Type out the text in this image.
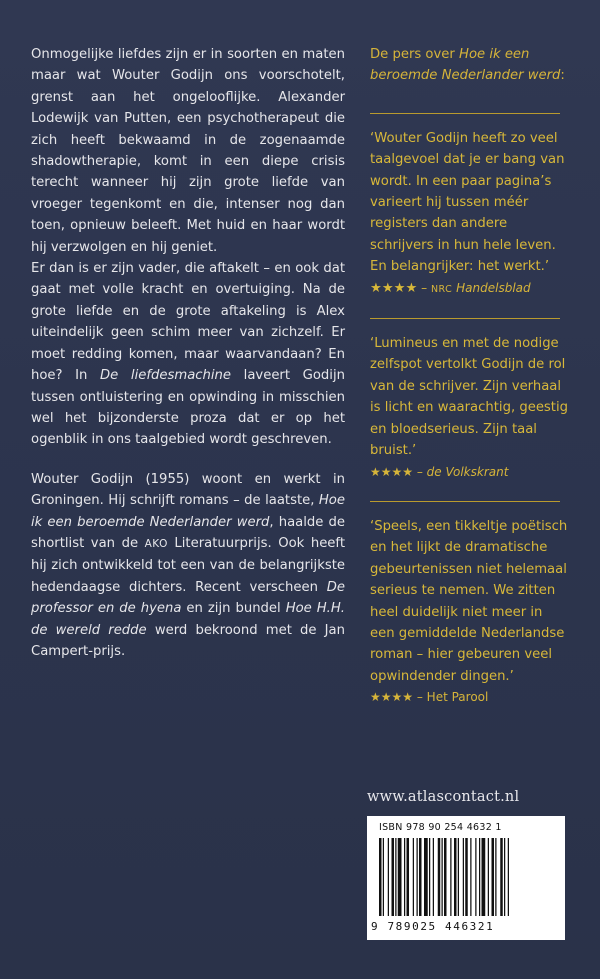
Onmogelijke liefdes zijn er in soorten en maten maar wat Wouter Godijn ons voorschotelt, grenst aan het ongelooflijke. Alexander Lodewijk van Putten, een psychotherapeut die zich heeft bekwaamd in de zogenaamde shadowtherapie, komt in een diepe crisis terecht wanneer hij zijn grote liefde van vroeger tegenkomt en die, intenser nog dan toen, opnieuw beleeft. Met huid en haar wordt hij verzwolgen en hij geniet.

Er dan is er zijn vader, die aftakelt – en ook dat gaat met volle kracht en overtuiging. Na de grote liefde en de grote aftakeling is Alex uiteindelijk geen schim meer van zichzelf. Er moet redding komen, maar waarvandaan? En hoe? In De liefdesmachine laveert Godijn tussen ontluistering en opwinding in misschien wel het bijzonderste proza dat er op het ogenblik in ons taalgebied wordt geschreven.

Wouter Godijn (1955) woont en werkt in Groningen. Hij schrijft romans – de laatste, Hoe ik een beroemde Nederlander werd, haalde de shortlist van de AKO Literatuurprijs. Ook heeft hij zich ontwikkeld tot een van de belangrijkste hedendaagse dichters. Recent verscheen De professor en de hyena en zijn bundel Hoe H.H. de wereld redde werd bekroond met de Jan Campert-prijs.

De pers over Hoe ik een beroemde Nederlander werd:

‘Wouter Godijn heeft zo veel taalgevoel dat je er bang van wordt. In een paar pagina’s varieert hij tussen méér registers dan andere schrijvers in hun hele leven. En belangrijker: het werkt.’ ★★★★ – NRC Handelsblad

‘Lumineus en met de nodige zelfspot vertolkt Godijn de rol van de schrijver. Zijn verhaal is licht en waarachtig, geestig en bloedserieus. Zijn taal bruist.’
★★★★ – de Volkskrant

‘Speels, een tikkeltje poëtisch en het lijkt de dramatische gebeurtenissen niet helemaal serieus te nemen. We zitten heel duidelijk niet meer in een gemiddelde Nederlandse roman – hier gebeuren veel opwindender dingen.’
★★★★ – Het Parool

www.atlascontact.nl
ISBN 978 90 254 4632 1
9 789025 446321
